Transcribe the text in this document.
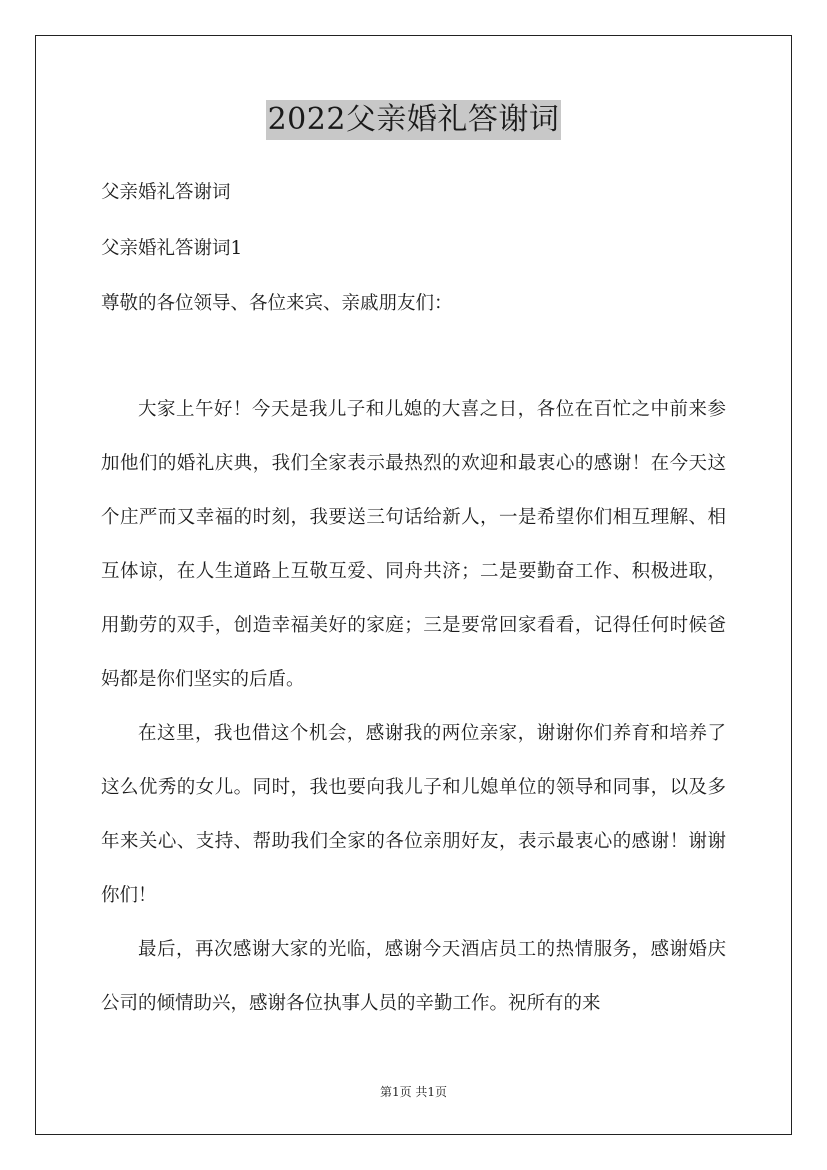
2022父亲婚礼答谢词
父亲婚礼答谢词
父亲婚礼答谢词1
尊敬的各位领导、各位来宾、亲戚朋友们：
大家上午好！今天是我儿子和儿媳的大喜之日，各位在百忙之中前来参加他们的婚礼庆典，我们全家表示最热烈的欢迎和最衷心的感谢！在今天这个庄严而又幸福的时刻，我要送三句话给新人，一是希望你们相互理解、相互体谅，在人生道路上互敬互爱、同舟共济；二是要勤奋工作、积极进取，用勤劳的双手，创造幸福美好的家庭；三是要常回家看看，记得任何时候爸妈都是你们坚实的后盾。
在这里，我也借这个机会，感谢我的两位亲家，谢谢你们养育和培养了这么优秀的女儿。同时，我也要向我儿子和儿媳单位的领导和同事，以及多年来关心、支持、帮助我们全家的各位亲朋好友，表示最衷心的感谢！谢谢你们！
最后，再次感谢大家的光临，感谢今天酒店员工的热情服务，感谢婚庆公司的倾情助兴，感谢各位执事人员的辛勤工作。祝所有的来
第1页 共1页
